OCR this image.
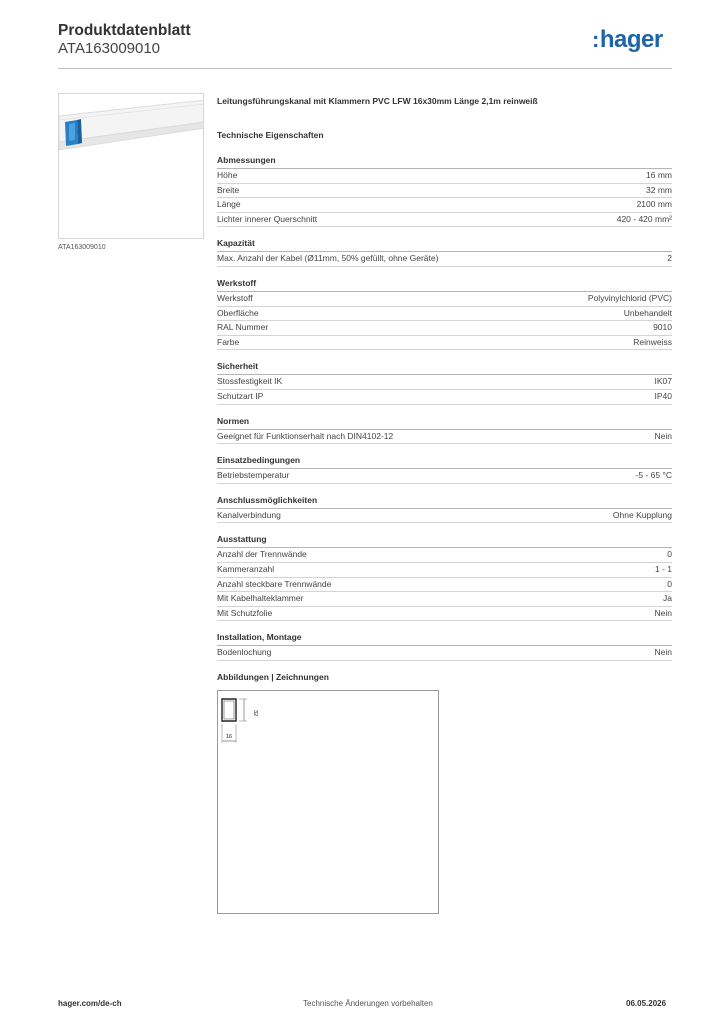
Produktdatenblatt
ATA163009010	:hager
ATA163009010
Leitungsführungskanal mit Klammern PVC LFW 16x30mm Länge 2,1m reinweiß
Technische Eigenschaften
Abmessungen
Höhe	16 mm
Breite	32 mm
Länge	2100 mm
Lichter innerer Querschnitt	420 - 420 mm²
Kapazität
Max. Anzahl der Kabel (Ø11mm, 50% gefüllt, ohne Geräte)	2
Werkstoff
Werkstoff	Polyvinylchlorid (PVC)
Oberfläche	Unbehandelt
RAL Nummer	9010
Farbe	Reinweiss
Sicherheit
Stossfestigkeit IK	IK07
Schutzart IP	IP40
Normen
Geeignet für Funktionserhalt nach DIN4102-12	Nein
Einsatzbedingungen
Betriebstemperatur	-5 - 65 °C
Anschlussmöglichkeiten
Kanalverbindung	Ohne Kupplung
Ausstattung
Anzahl der Trennwände	0
Kammeranzahl	1 - 1
Anzahl steckbare Trennwände	0
Mit Kabelhalteklammer	Ja
Mit Schutzfolie	Nein
Installation, Montage
Bodenlochung	Nein
Abbildungen | Zeichnungen
32
16
hager.com/de-ch	Technische Änderungen vorbehalten	06.05.2026
